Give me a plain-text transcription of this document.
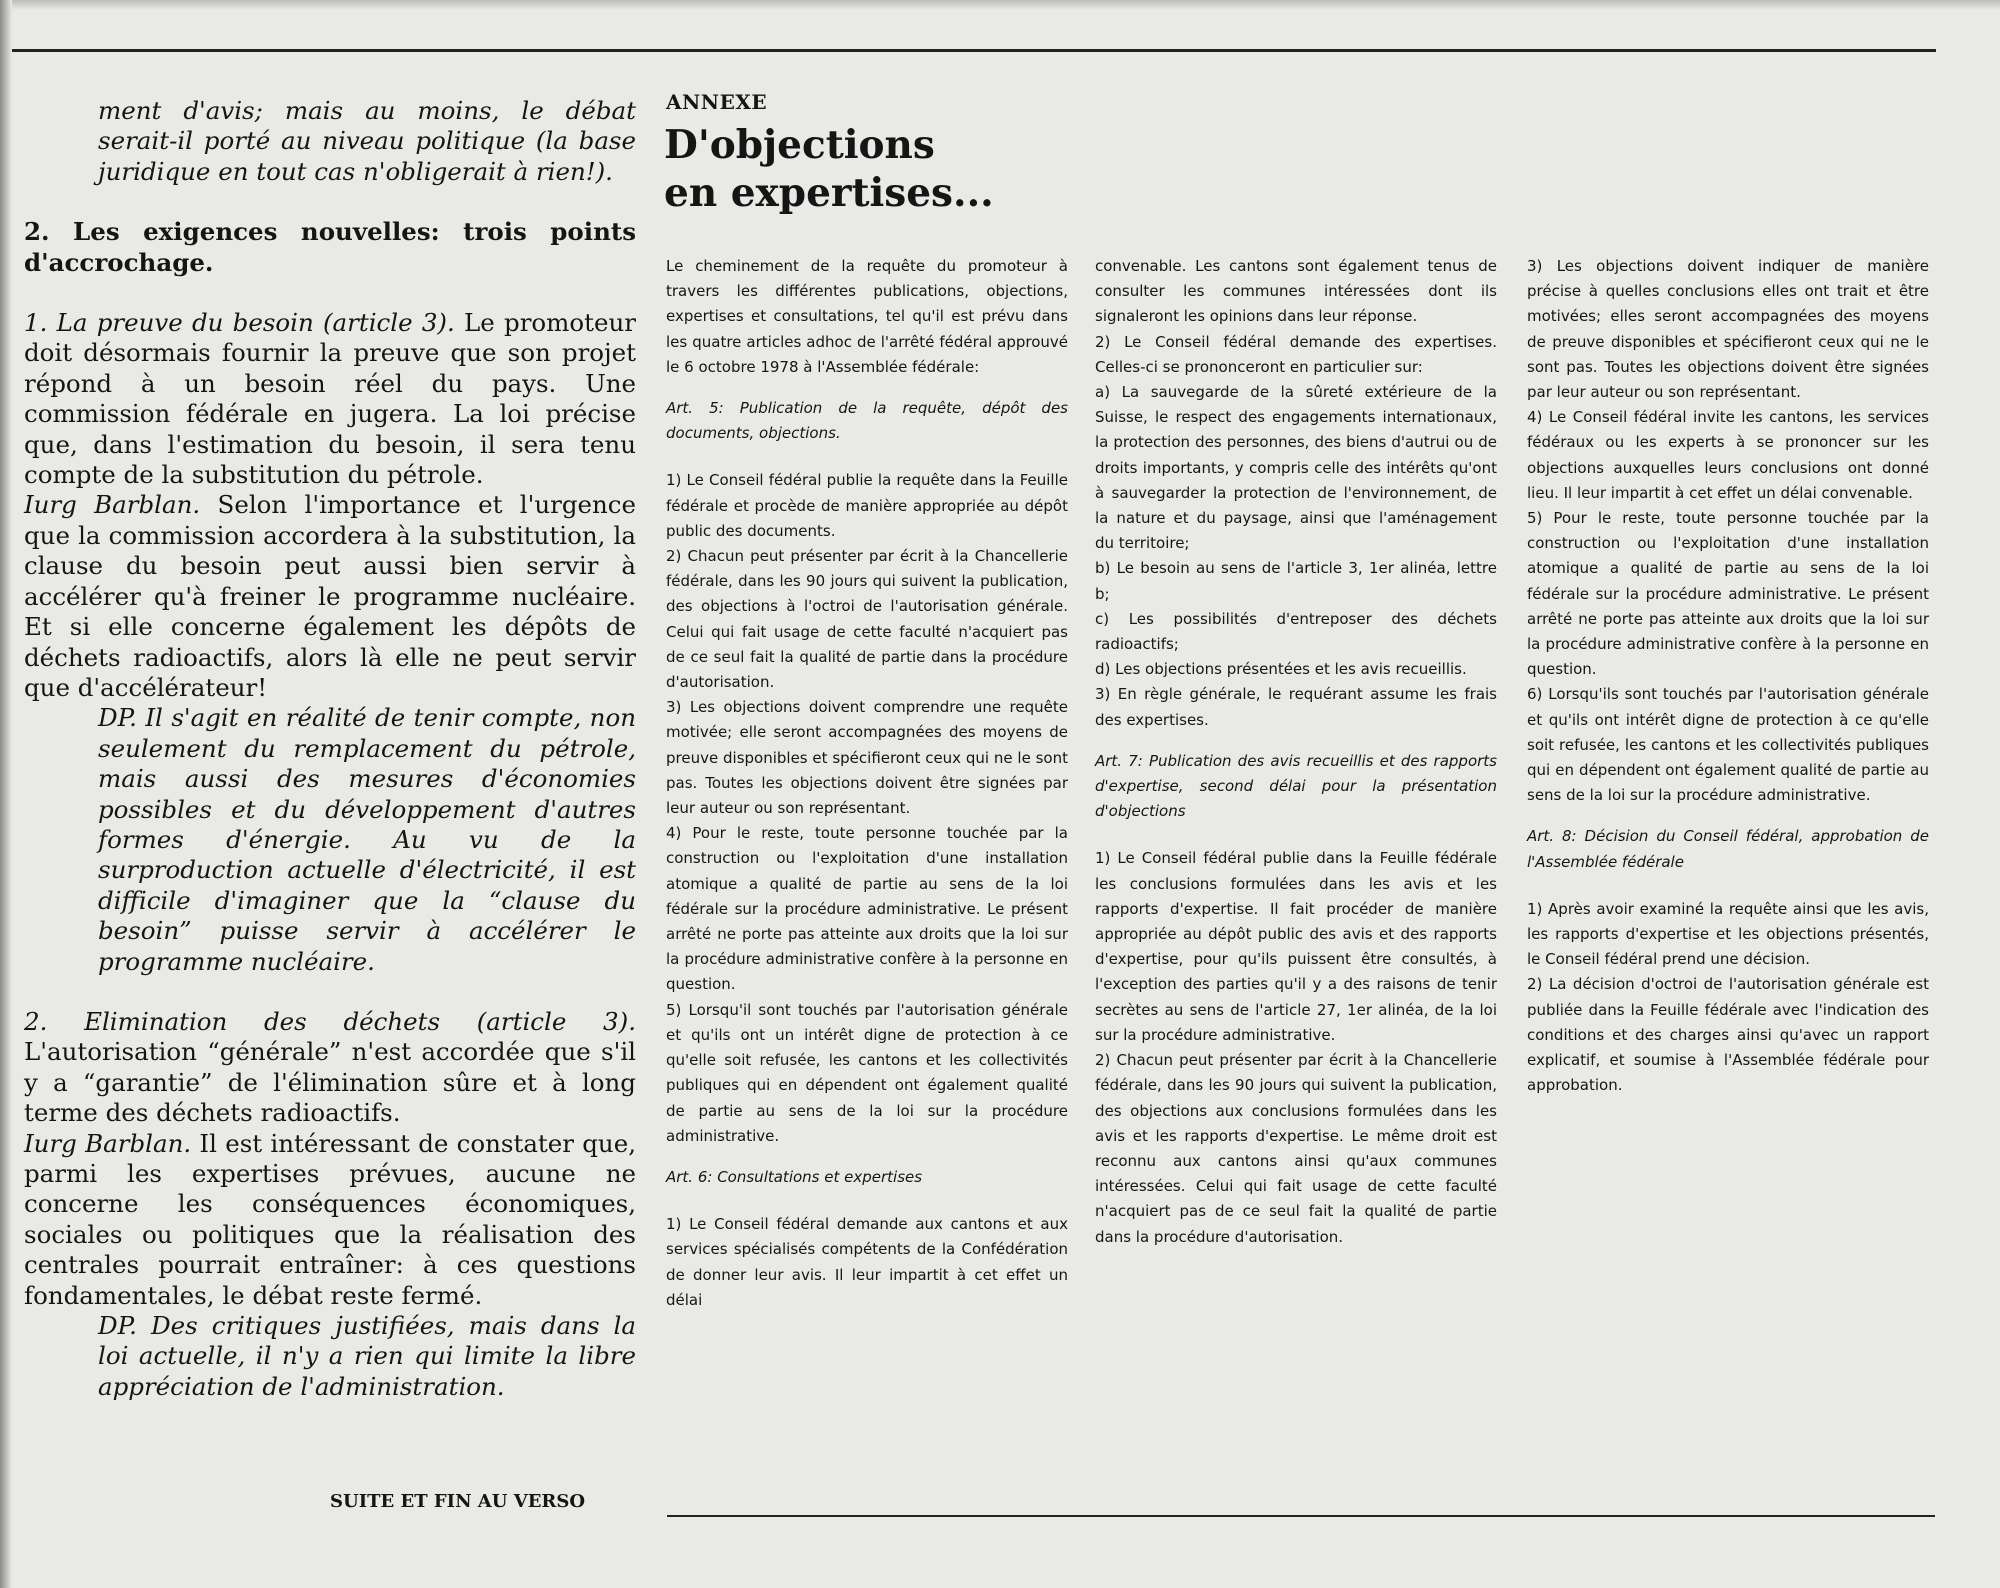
ment d'avis; mais au moins, le débat serait-il porté au niveau politique (la base juridique en tout cas n'obligerait à rien!).

2. Les exigences nouvelles: trois points d'accrochage.

1. La preuve du besoin (article 3). Le promoteur doit désormais fournir la preuve que son projet répond à un besoin réel du pays. Une commission fédérale en jugera. La loi précise que, dans l'estimation du besoin, il sera tenu compte de la substitution du pétrole.

Iurg Barblan. Selon l'importance et l'urgence que la commission accordera à la substitution, la clause du besoin peut aussi bien servir à accélérer qu'à freiner le programme nucléaire. Et si elle concerne également les dépôts de déchets radioactifs, alors là elle ne peut servir que d'accélérateur!

DP. Il s'agit en réalité de tenir compte, non seulement du remplacement du pétrole, mais aussi des mesures d'économies possibles et du développement d'autres formes d'énergie. Au vu de la surproduction actuelle d'électricité, il est difficile d'imaginer que la “clause du besoin” puisse servir à accélérer le programme nucléaire.

2. Elimination des déchets (article 3). L'autorisation “générale” n'est accordée que s'il y a “garantie” de l'élimination sûre et à long terme des déchets radioactifs.

Iurg Barblan. Il est intéressant de constater que, parmi les expertises prévues, aucune ne concerne les conséquences économiques, sociales ou politiques que la réalisation des centrales pourrait entraîner: à ces questions fondamentales, le débat reste fermé.

DP. Des critiques justifiées, mais dans la loi actuelle, il n'y a rien qui limite la libre appréciation de l'administration.

SUITE ET FIN AU VERSO
ANNEXE
D'objections
en expertises...

Le cheminement de la requête du promoteur à travers les différentes publications, objections, expertises et consultations, tel qu'il est prévu dans les quatre articles adhoc de l'arrêté fédéral approuvé le 6 octobre 1978 à l'Assemblée fédérale:

Art. 5: Publication de la requête, dépôt des documents, objections.

1) Le Conseil fédéral publie la requête dans la Feuille fédérale et procède de manière appropriée au dépôt public des documents.

2) Chacun peut présenter par écrit à la Chancellerie fédérale, dans les 90 jours qui suivent la publication, des objections à l'octroi de l'autorisation générale. Celui qui fait usage de cette faculté n'acquiert pas de ce seul fait la qualité de partie dans la procédure d'autorisation.

3) Les objections doivent comprendre une requête motivée; elle seront accompagnées des moyens de preuve disponibles et spécifieront ceux qui ne le sont pas. Toutes les objections doivent être signées par leur auteur ou son représentant.

4) Pour le reste, toute personne touchée par la construction ou l'exploitation d'une installation atomique a qualité de partie au sens de la loi fédérale sur la procédure administrative. Le présent arrêté ne porte pas atteinte aux droits que la loi sur la procédure administrative confère à la personne en question.

5) Lorsqu'il sont touchés par l'autorisation générale et qu'ils ont un intérêt digne de protection à ce qu'elle soit refusée, les cantons et les collectivités publiques qui en dépendent ont également qualité de partie au sens de la loi sur la procédure administrative.

Art. 6: Consultations et expertises

1) Le Conseil fédéral demande aux cantons et aux services spécialisés compétents de la Confédération de donner leur avis. Il leur impartit à cet effet un délai

convenable. Les cantons sont également tenus de consulter les communes intéressées dont ils signaleront les opinions dans leur réponse.

2) Le Conseil fédéral demande des expertises. Celles-ci se prononceront en particulier sur:

a) La sauvegarde de la sûreté extérieure de la Suisse, le respect des engagements internationaux, la protection des personnes, des biens d'autrui ou de droits importants, y compris celle des intérêts qu'ont à sauvegarder la protection de l'environnement, de la nature et du paysage, ainsi que l'aménagement du territoire;

b) Le besoin au sens de l'article 3, 1er alinéa, lettre b;

c) Les possibilités d'entreposer des déchets radioactifs;

d) Les objections présentées et les avis recueillis.

3) En règle générale, le requérant assume les frais des expertises.

Art. 7: Publication des avis recueillis et des rapports d'expertise, second délai pour la présentation d'objections

1) Le Conseil fédéral publie dans la Feuille fédérale les conclusions formulées dans les avis et les rapports d'expertise. Il fait procéder de manière appropriée au dépôt public des avis et des rapports d'expertise, pour qu'ils puissent être consultés, à l'exception des parties qu'il y a des raisons de tenir secrètes au sens de l'article 27, 1er alinéa, de la loi sur la procédure administrative.

2) Chacun peut présenter par écrit à la Chancellerie fédérale, dans les 90 jours qui suivent la publication, des objections aux conclusions formulées dans les avis et les rapports d'expertise. Le même droit est reconnu aux cantons ainsi qu'aux communes intéressées. Celui qui fait usage de cette faculté n'acquiert pas de ce seul fait la qualité de partie dans la procédure d'autorisation.

3) Les objections doivent indiquer de manière précise à quelles conclusions elles ont trait et être motivées; elles seront accompagnées des moyens de preuve disponibles et spécifieront ceux qui ne le sont pas. Toutes les objections doivent être signées par leur auteur ou son représentant.

4) Le Conseil fédéral invite les cantons, les services fédéraux ou les experts à se prononcer sur les objections auxquelles leurs conclusions ont donné lieu. Il leur impartit à cet effet un délai convenable.

5) Pour le reste, toute personne touchée par la construction ou l'exploitation d'une installation atomique a qualité de partie au sens de la loi fédérale sur la procédure administrative. Le présent arrêté ne porte pas atteinte aux droits que la loi sur la procédure administrative confère à la personne en question.

6) Lorsqu'ils sont touchés par l'autorisation générale et qu'ils ont intérêt digne de protection à ce qu'elle soit refusée, les cantons et les collectivités publiques qui en dépendent ont également qualité de partie au sens de la loi sur la procédure administrative.

Art. 8: Décision du Conseil fédéral, approbation de l'Assemblée fédérale

1) Après avoir examiné la requête ainsi que les avis, les rapports d'expertise et les objections présentés, le Conseil fédéral prend une décision.

2) La décision d'octroi de l'autorisation générale est publiée dans la Feuille fédérale avec l'indication des conditions et des charges ainsi qu'avec un rapport explicatif, et soumise à l'Assemblée fédérale pour approbation.
